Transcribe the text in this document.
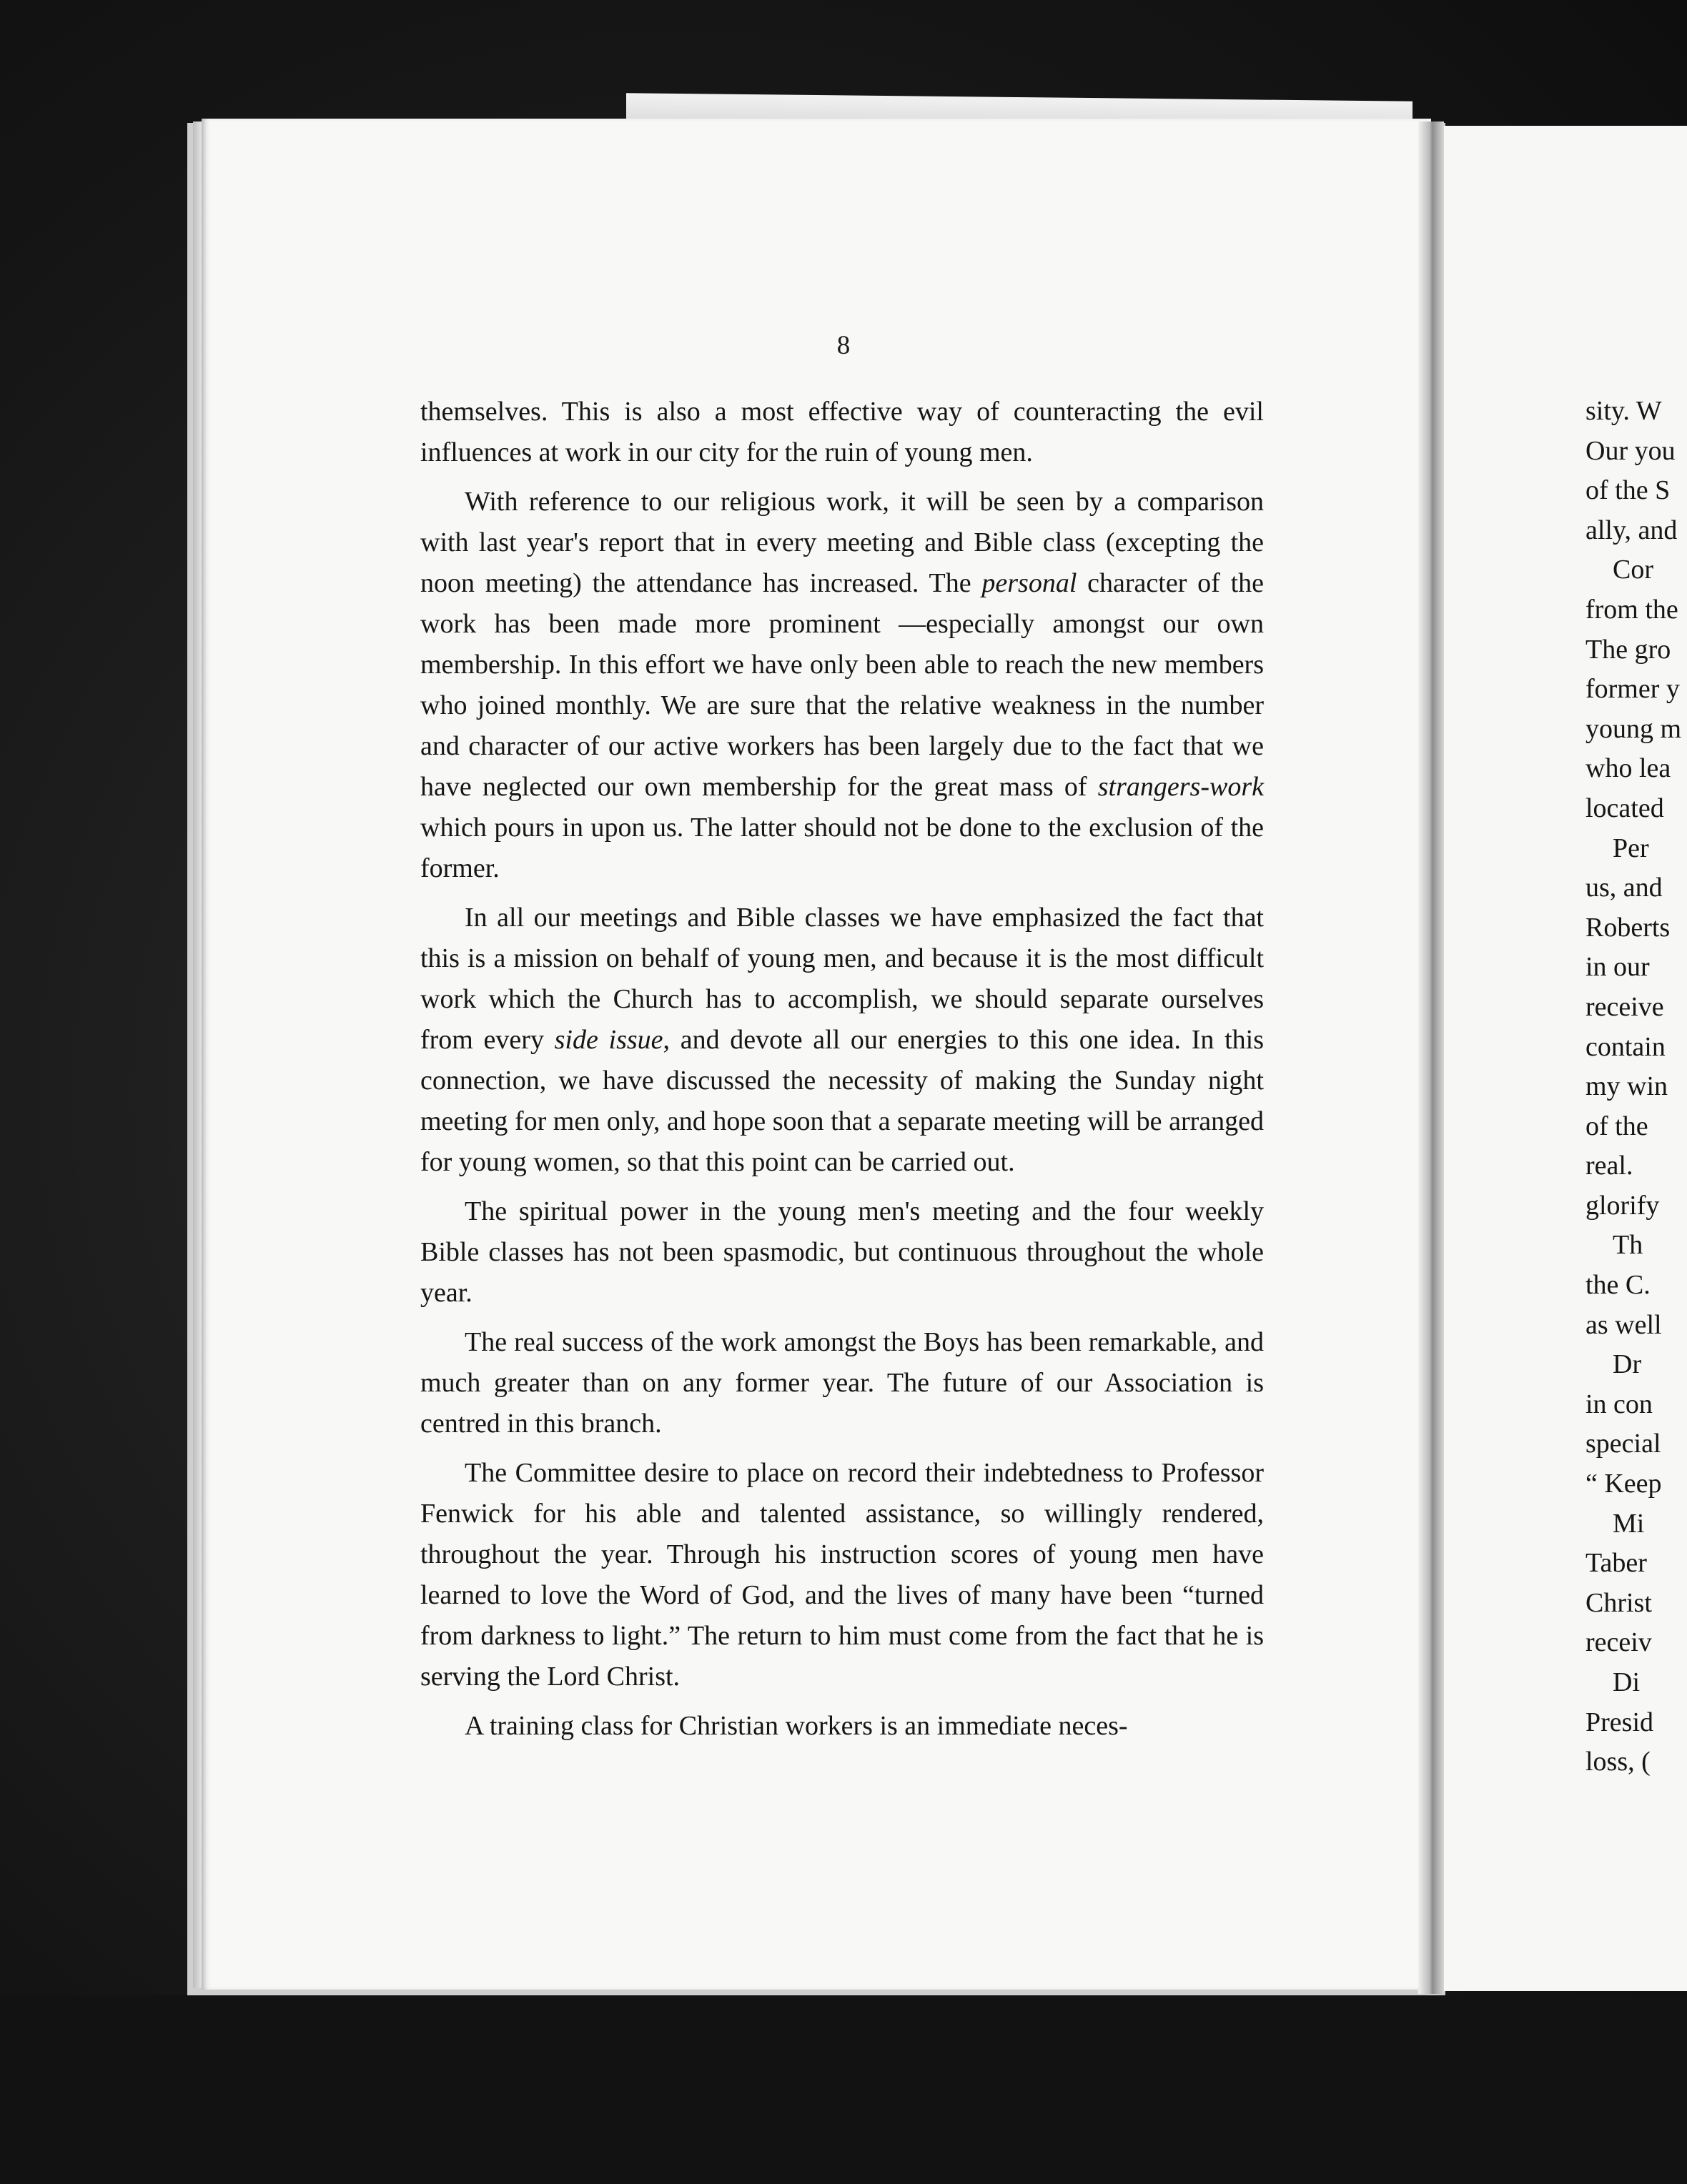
8

themselves. This is also a most effective way of counteracting the evil influences at work in our city for the ruin of young men.

With reference to our religious work, it will be seen by a comparison with last year's report that in every meeting and Bible class (excepting the noon meeting) the attendance has increased. The personal character of the work has been made more prominent —especially amongst our own membership. In this effort we have only been able to reach the new members who joined monthly. We are sure that the relative weakness in the number and character of our active workers has been largely due to the fact that we have neglected our own membership for the great mass of strangers-work which pours in upon us. The latter should not be done to the exclusion of the former.

In all our meetings and Bible classes we have emphasized the fact that this is a mission on behalf of young men, and because it is the most difficult work which the Church has to accomplish, we should separate ourselves from every side issue, and devote all our energies to this one idea. In this connection, we have discussed the necessity of making the Sunday night meeting for men only, and hope soon that a separate meeting will be arranged for young women, so that this point can be carried out.

The spiritual power in the young men's meeting and the four weekly Bible classes has not been spasmodic, but continuous throughout the whole year.

The real success of the work amongst the Boys has been remarkable, and much greater than on any former year. The future of our Association is centred in this branch.

The Committee desire to place on record their indebtedness to Professor Fenwick for his able and talented assistance, so willingly rendered, throughout the year. Through his instruction scores of young men have learned to love the Word of God, and the lives of many have been “turned from darkness to light.” The return to him must come from the fact that he is serving the Lord Christ.

A training class for Christian workers is an immediate neces-

sity. W
Our you
of the S
ally, and
Cor
from the
The gro
former y
young m
who lea
located
Per
us, and
Roberts
in our
receive
contain
my win
of the
real.
glorify
Th
the C.
as well
Dr
in con
special
“ Keep
Mi
Taber
Christ
receiv
Di
Presid
loss, (
